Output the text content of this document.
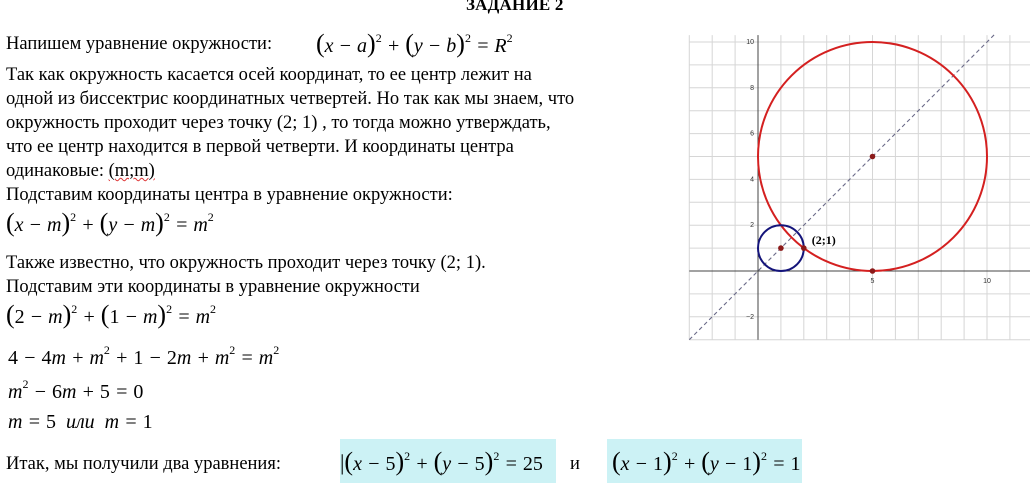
ЗАДАНИЕ 2
Напишем уравнение окружности: $(x - a)^2 + (y - b)^2 = R^2$
Так как окружность касается осей координат, то ее центр лежит на
одной из биссектрис координатных четвертей. Но так как мы знаем, что
окружность проходит через точку (2; 1) , то тогда можно утверждать,
что ее центр находится в первой четверти. И координаты центра
одинаковые: (m;m)
Подставим координаты центра в уравнение окружности:
$(x - m)^2 + (y - m)^2 = m^2$
Также известно, что окружность проходит через точку (2; 1).
Подставим эти координаты в уравнение окружности
$(2 - m)^2 + (1 - m)^2 = m^2$
$4 - 4m + m^2 + 1 - 2m + m^2 = m^2$
$m^2 - 6m + 5 = 0$
m = 5  или  m = 1
Итак, мы получили два уравнения:	$|(x - 5)^2 + (y - 5)^2 = 25$ и $(x - 1)^2 + (y - 1)^2 = 1$
5	10
10
8
6
4
2
−2
(2;1)
